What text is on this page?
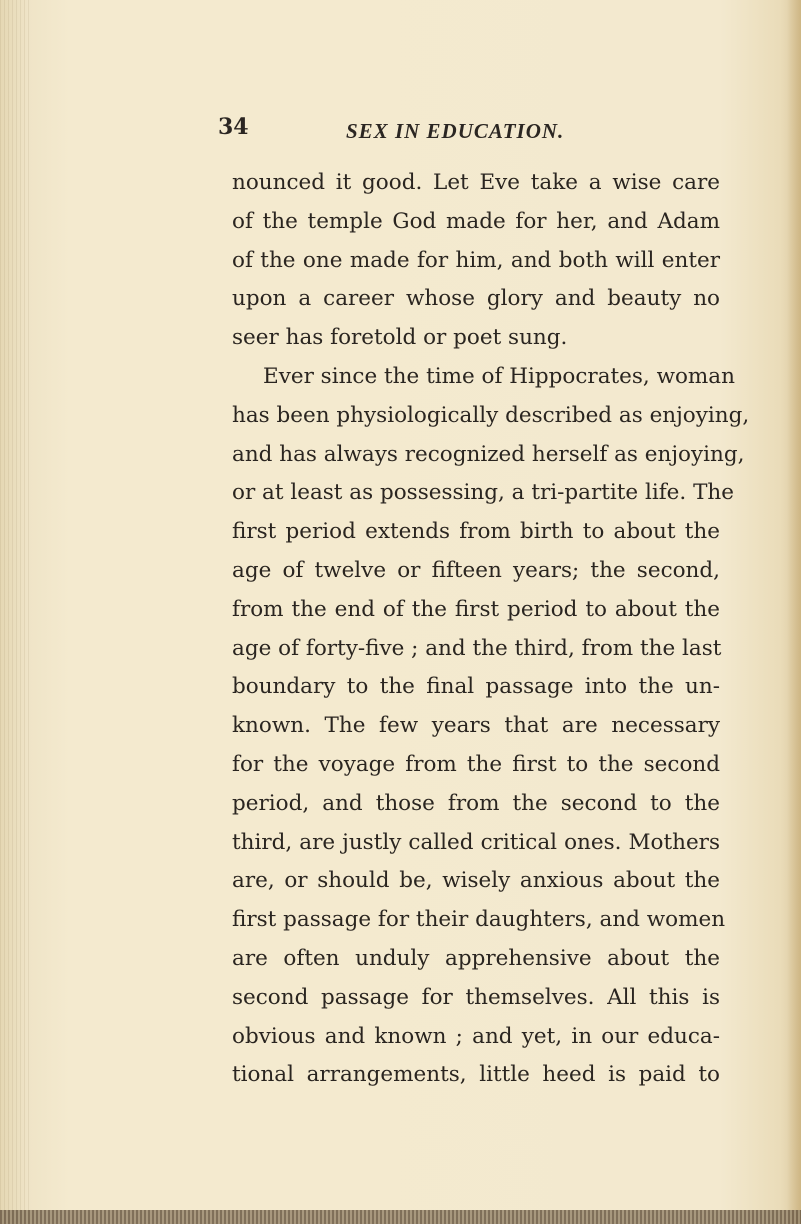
34	SEX IN EDUCATION.
nounced it good. Let Eve take a wise care
of the temple God made for her, and Adam
of the one made for him, and both will enter
upon a career whose glory and beauty no
seer has foretold or poet sung.
Ever since the time of Hippocrates, woman
has been physiologically described as enjoying,
and has always recognized herself as enjoying,
or at least as possessing, a tri-partite life. The
first period extends from birth to about the
age of twelve or fifteen years; the second,
from the end of the first period to about the
age of forty-five ; and the third, from the last
boundary to the final passage into the un-
known. The few years that are necessary
for the voyage from the first to the second
period, and those from the second to the
third, are justly called critical ones. Mothers
are, or should be, wisely anxious about the
first passage for their daughters, and women
are often unduly apprehensive about the
second passage for themselves. All this is
obvious and known ; and yet, in our educa-
tional arrangements, little heed is paid to
